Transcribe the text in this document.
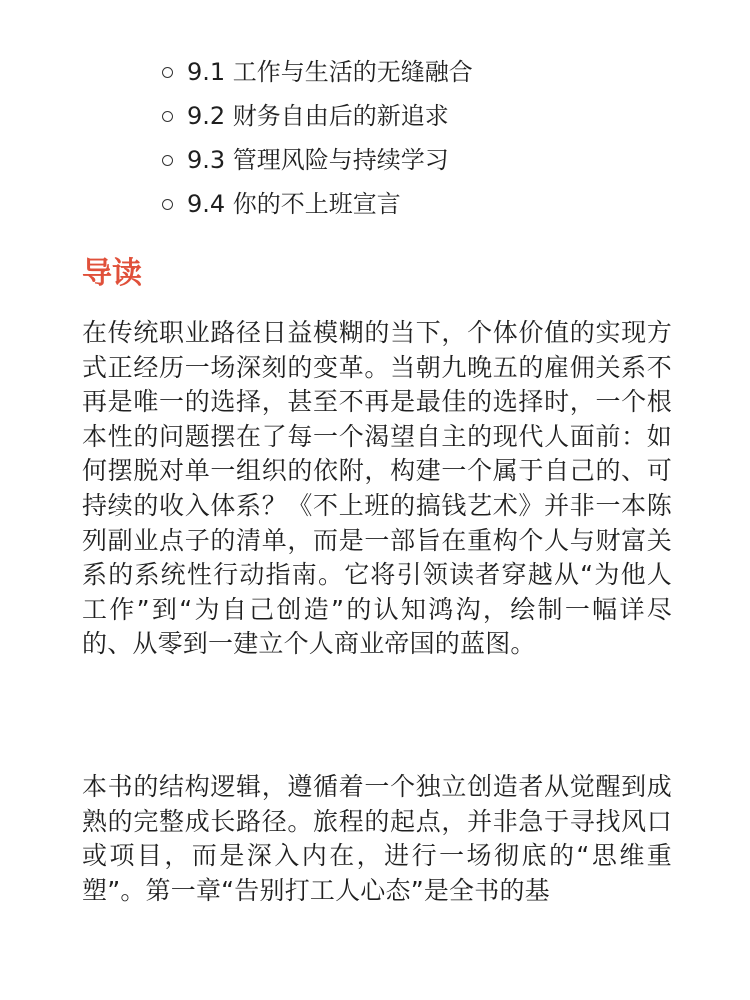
9.1 工作与生活的无缝融合
9.2 财务自由后的新追求
9.3 管理风险与持续学习
9.4 你的不上班宣言
导读

在传统职业路径日益模糊的当下，个体价值的实现方式正经历一场深刻的变革。当朝九晚五的雇佣关系不再是唯一的选择，甚至不再是最佳的选择时，一个根本性的问题摆在了每一个渴望自主的现代人面前：如何摆脱对单一组织的依附，构建一个属于自己的、可持续的收入体系？《不上班的搞钱艺术》并非一本陈列副业点子的清单，而是一部旨在重构个人与财富关系的系统性行动指南。它将引领读者穿越从“为他人工作”到“为自己创造”的认知鸿沟，绘制一幅详尽的、从零到一建立个人商业帝国的蓝图。

本书的结构逻辑，遵循着一个独立创造者从觉醒到成熟的完整成长路径。旅程的起点，并非急于寻找风口或项目，而是深入内在，进行一场彻底的“思维重塑”。第一章“告别打工人心态”是全书的基
